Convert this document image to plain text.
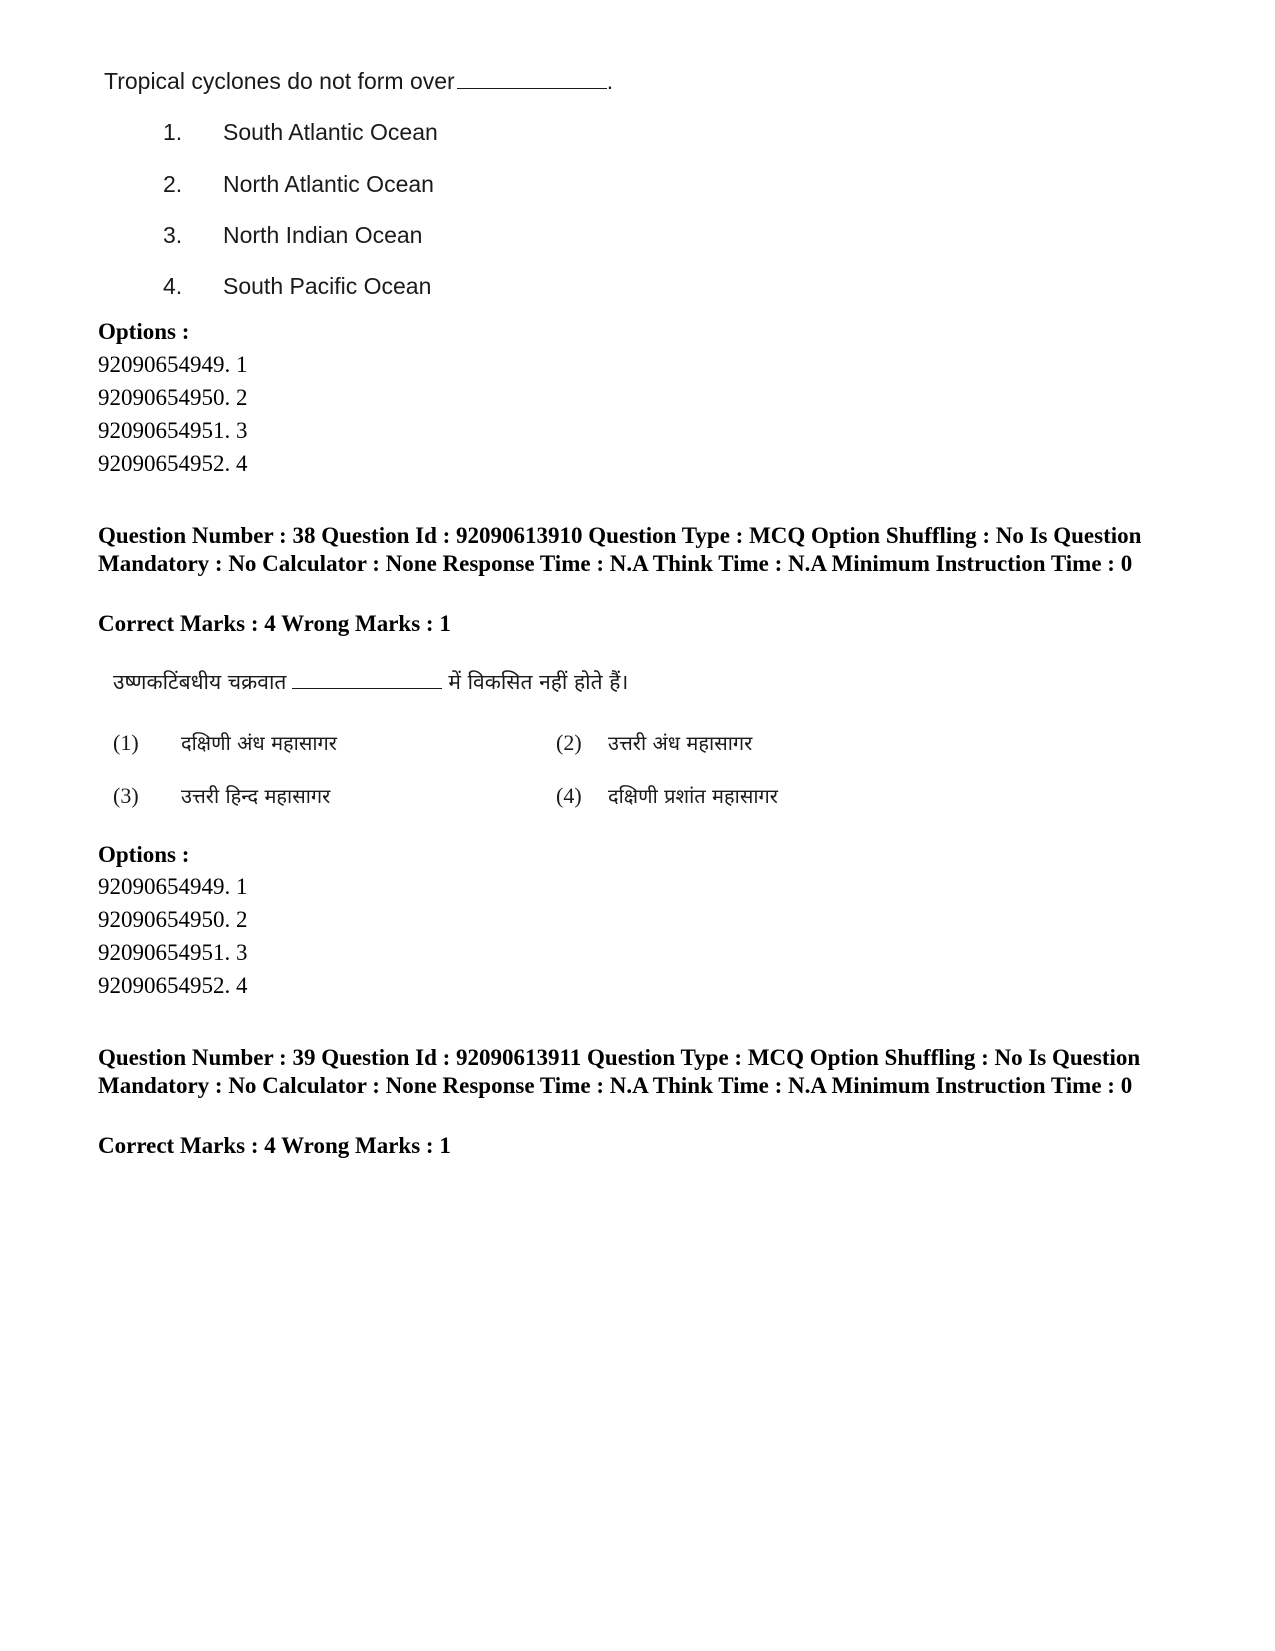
Tropical cyclones do not form over	.
1. South Atlantic Ocean
2. North Atlantic Ocean
3. North Indian Ocean
4. South Pacific Ocean
Options :
92090654949. 1
92090654950. 2
92090654951. 3
92090654952. 4
Question Number : 38 Question Id : 92090613910 Question Type : MCQ Option Shuffling : No Is Question Mandatory : No Calculator : None Response Time : N.A Think Time : N.A Minimum Instruction Time : 0
Correct Marks : 4 Wrong Marks : 1
उष्णकटिंबधीय चक्रवात	में विकसित नहीं होते हैं।
(1) दक्षिणी अंध महासागर	(2) उत्तरी अंध महासागर
(3) उत्तरी हिन्द महासागर	(4) दक्षिणी प्रशांत महासागर
Options :
92090654949. 1
92090654950. 2
92090654951. 3
92090654952. 4
Question Number : 39 Question Id : 92090613911 Question Type : MCQ Option Shuffling : No Is Question Mandatory : No Calculator : None Response Time : N.A Think Time : N.A Minimum Instruction Time : 0
Correct Marks : 4 Wrong Marks : 1
